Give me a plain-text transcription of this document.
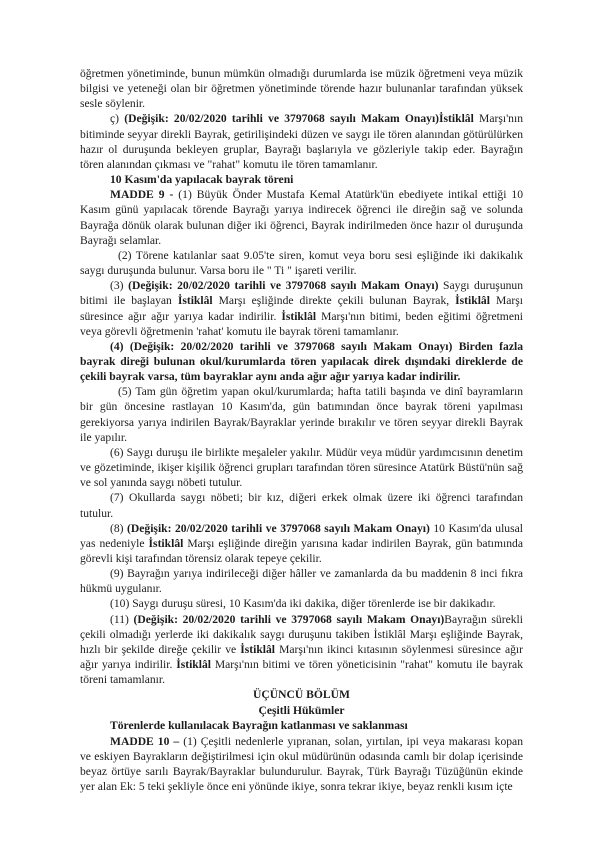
öğretmen yönetiminde, bunun mümkün olmadığı durumlarda ise müzik öğretmeni veya müzik bilgisi ve yeteneği olan bir öğretmen yönetiminde törende hazır bulunanlar tarafından yüksek sesle söylenir.

ç) (Değişik: 20/02/2020 tarihli ve 3797068 sayılı Makam Onayı)İstiklâl Marşı'nın bitiminde seyyar direkli Bayrak, getirilişindeki düzen ve saygı ile tören alanından götürülürken hazır ol duruşunda bekleyen gruplar, Bayrağı başlarıyla ve gözleriyle takip eder. Bayrağın tören alanından çıkması ve "rahat" komutu ile tören tamamlanır.

10 Kasım'da yapılacak bayrak töreni

MADDE 9 - (1) Büyük Önder Mustafa Kemal Atatürk'ün ebediyete intikal ettiği 10 Kasım günü yapılacak törende Bayrağı yarıya indirecek öğrenci ile direğin sağ ve solunda Bayrağa dönük olarak bulunan diğer iki öğrenci, Bayrak indirilmeden önce hazır ol duruşunda Bayrağı selamlar.

(2) Törene katılanlar saat 9.05'te siren, komut veya boru sesi eşliğinde iki dakikalık saygı duruşunda bulunur. Varsa boru ile " Ti " işareti verilir.

(3) (Değişik: 20/02/2020 tarihli ve 3797068 sayılı Makam Onayı) Saygı duruşunun bitimi ile başlayan İstiklâl Marşı eşliğinde direkte çekili bulunan Bayrak, İstiklâl Marşı süresince ağır ağır yarıya kadar indirilir. İstiklâl Marşı'nın bitimi, beden eğitimi öğretmeni veya görevli öğretmenin 'rahat' komutu ile bayrak töreni tamamlanır.

(4) (Değişik: 20/02/2020 tarihli ve 3797068 sayılı Makam Onayı) Birden fazla bayrak direği bulunan okul/kurumlarda tören yapılacak direk dışındaki direklerde de çekili bayrak varsa, tüm bayraklar aynı anda ağır ağır yarıya kadar indirilir.

(5) Tam gün öğretim yapan okul/kurumlarda; hafta tatili başında ve dinî bayramların bir gün öncesine rastlayan 10 Kasım'da, gün batımından önce bayrak töreni yapılması gerekiyorsa yarıya indirilen Bayrak/Bayraklar yerinde bırakılır ve tören seyyar direkli Bayrak ile yapılır.

(6) Saygı duruşu ile birlikte meşaleler yakılır. Müdür veya müdür yardımcısının denetim ve gözetiminde, ikişer kişilik öğrenci grupları tarafından tören süresince Atatürk Büstü'nün sağ ve sol yanında saygı nöbeti tutulur.

(7) Okullarda saygı nöbeti; bir kız, diğeri erkek olmak üzere iki öğrenci tarafından tutulur.

(8) (Değişik: 20/02/2020 tarihli ve 3797068 sayılı Makam Onayı) 10 Kasım'da ulusal yas nedeniyle İstiklâl Marşı eşliğinde direğin yarısına kadar indirilen Bayrak, gün batımında görevli kişi tarafından törensiz olarak tepeye çekilir.

(9) Bayrağın yarıya indirileceği diğer hâller ve zamanlarda da bu maddenin 8 inci fıkra hükmü uygulanır.

(10) Saygı duruşu süresi, 10 Kasım'da iki dakika, diğer törenlerde ise bir dakikadır.

(11) (Değişik: 20/02/2020 tarihli ve 3797068 sayılı Makam Onayı)Bayrağın sürekli çekili olmadığı yerlerde iki dakikalık saygı duruşunu takiben İstiklâl Marşı eşliğinde Bayrak, hızlı bir şekilde direğe çekilir ve İstiklâl Marşı'nın ikinci kıtasının söylenmesi süresince ağır ağır yarıya indirilir. İstiklâl Marşı'nın bitimi ve tören yöneticisinin "rahat" komutu ile bayrak töreni tamamlanır.

ÜÇÜNCÜ BÖLÜM

Çeşitli Hükümler

Törenlerde kullanılacak Bayrağın katlanması ve saklanması

MADDE 10 – (1) Çeşitli nedenlerle yıpranan, solan, yırtılan, ipi veya makarası kopan ve eskiyen Bayrakların değiştirilmesi için okul müdürünün odasında camlı bir dolap içerisinde beyaz örtüye sarılı Bayrak/Bayraklar bulundurulur. Bayrak, Türk Bayrağı Tüzüğünün ekinde yer alan Ek: 5 teki şekliyle önce eni yönünde ikiye, sonra tekrar ikiye, beyaz renkli kısım içte
